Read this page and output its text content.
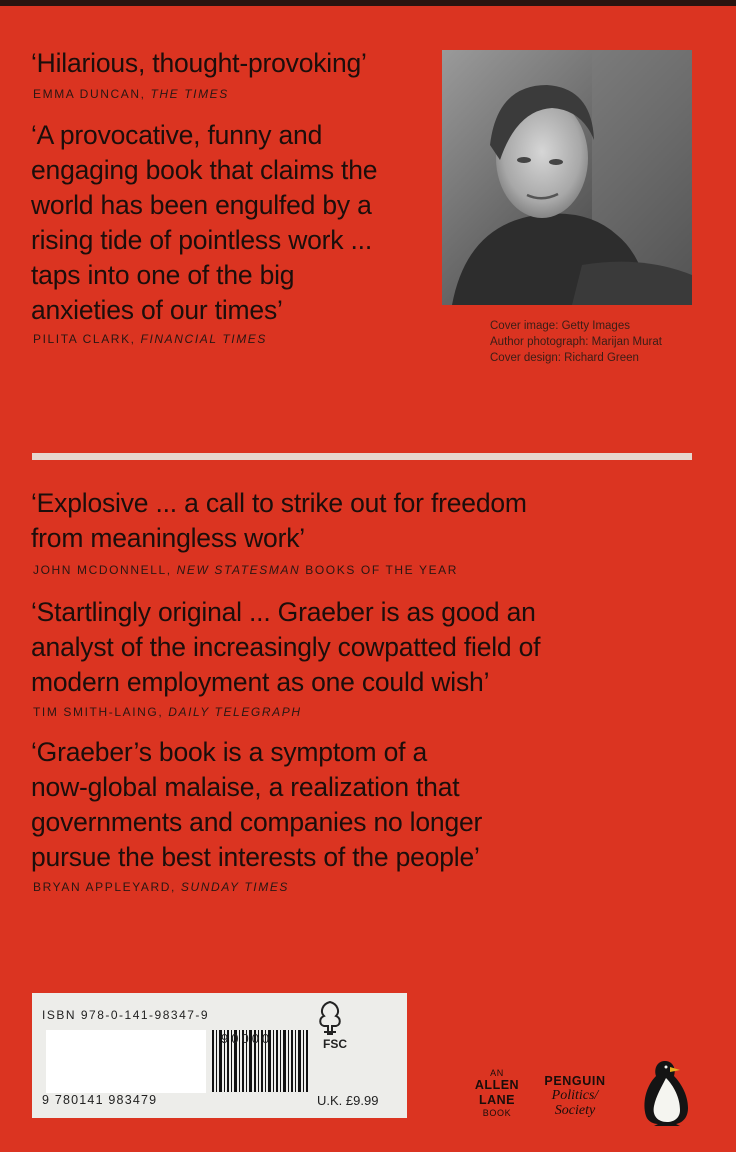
‘Hilarious, thought-provoking’
EMMA DUNCAN, THE TIMES
‘A provocative, funny and
engaging book that claims the
world has been engulfed by a
rising tide of pointless work ...
taps into one of the big
anxieties of our times’
PILITA CLARK, FINANCIAL TIMES
Cover image: Getty Images
Author photograph: Marijan Murat
Cover design: Richard Green
‘Explosive ... a call to strike out for freedom
from meaningless work’
JOHN MCDONNELL, NEW STATESMAN BOOKS OF THE YEAR
‘Startlingly original ... Graeber is as good an
analyst of the increasingly cowpatted field of
modern employment as one could wish’
TIM SMITH-LAING, DAILY TELEGRAPH
‘Graeber’s book is a symptom of a
now-global malaise, a realization that
governments and companies no longer
pursue the best interests of the people’
BRYAN APPLEYARD, SUNDAY TIMES
ISBN 978-0-141-98347-9
90000
9 780141 983479
FSC
U.K. £9.99
AN
ALLEN
LANE
BOOK
PENGUIN
Politics/
Society
